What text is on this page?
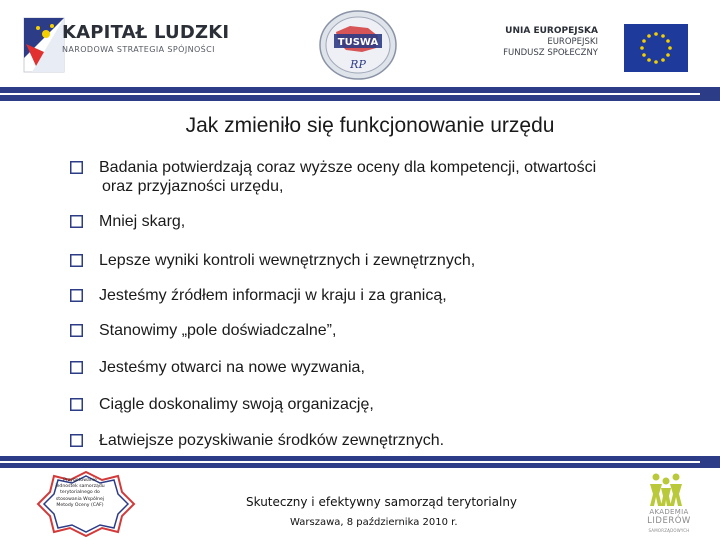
KAPITAŁ LUDZKI
NARODOWA STRATEGIA SPÓJNOŚCI
TUSWA
RP
UNIA EUROPEJSKA
EUROPEJSKI
FUNDUSZ SPOŁECZNY
Jak zmieniło się funkcjonowanie urzędu
Badania potwierdzają coraz wyższe oceny dla kompetencji, otwartości
oraz przyjazności urzędu,
Mniej skarg,
Lepsze wyniki kontroli wewnętrznych i zewnętrznych,
Jesteśmy źródłem informacji w kraju i za granicą,
Stanowimy „pole doświadczalne”,
Jesteśmy otwarci na nowe wyzwania,
Ciągle doskonalimy swoją organizację,
Łatwiejsze pozyskiwanie środków zewnętrznych.
Przygotowanie jednostek samorządu terytorialnego do stosowania Wspólnej Metody Oceny (CAF)	Skuteczny i efektywny samorząd terytorialny
Warszawa, 8 października 2010 r.
AKADEMIA
LIDERÓW
SAMORZĄDOWYCH
